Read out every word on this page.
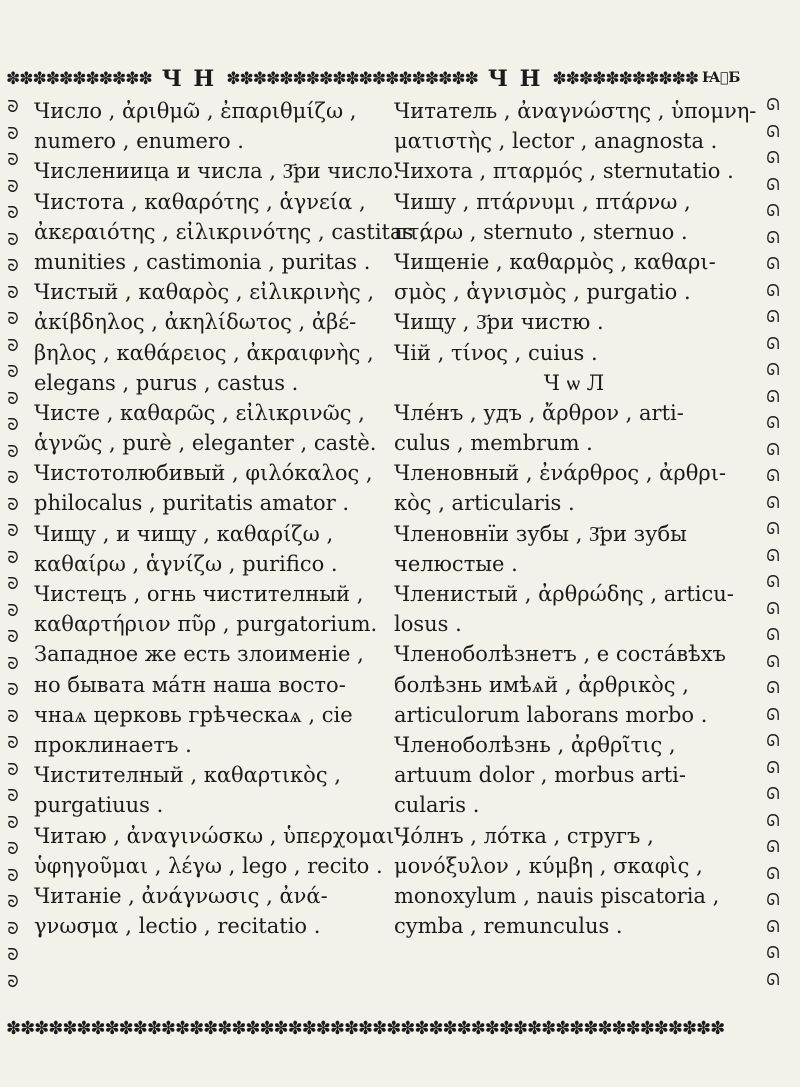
✽✽✽✽✽✽✽✽✽✽✽ Ч Н ✽✽✽✽✽✽✽✽✽✽✽✽✽✽✽✽✽✽✽ Ч Н ✽✽✽✽✽✽✽✽✽✽✽ Ꙗ҃Б
ᘐ
ᘐ
ᘐ
ᘐ
ᘐ
ᘐ
ᘐ
ᘐ
ᘐ
ᘐ
ᘐ
ᘐ
ᘐ
ᘐ
ᘐ
ᘐ
ᘐ
ᘐ
ᘐ
ᘐ
ᘐ
ᘐ
ᘐ
ᘐ
ᘐ
ᘐ
ᘐ
ᘐ
ᘐ
ᘐ
ᘐ
ᘐ
ᘐ
ᘐ
ᘏ
ᘏ
ᘏ
ᘏ
ᘏ
ᘏ
ᘏ
ᘏ
ᘏ
ᘏ
ᘏ
ᘏ
ᘏ
ᘏ
ᘏ
ᘏ
ᘏ
ᘏ
ᘏ
ᘏ
ᘏ
ᘏ
ᘏ
ᘏ
ᘏ
ᘏ
ᘏ
ᘏ
ᘏ
ᘏ
ᘏ
ᘏ
ᘏ
ᘏ
Число , ἀριθμῶ , ἐπαριθμίζω ,
numero , enumero .
Числениица и числа , З҃ри число.
Чистота , καθαρότης , ἁγνεία ,
ἀκεραιότης , εἰλικρινότης , castitas ,
munities , castimonia , puritas .
Чистый , καθαρὸς , εἰλικρινὴς ,
ἀκίβδηλος , ἀκηλίδωτος , ἀβέ-
βηλος , καθάρειος , ἀκραιφνὴς ,
elegans , purus , castus .
Чисте , καθαρῶς , εἰλικρινῶς ,
ἁγνῶς , purè , eleganter , castè.
Чистотолюбивый , φιλόκαλος ,
philocalus , puritatis amator .
Чищу , и чищу , καθαρίζω ,
καθαίρω , ἁγνίζω , purifico .
Чистецъ , огнь чистителный ,
καθαρτήριον πῦρ , purgatorium.
Западное же есть злоименіе ,
но бывата мáтн наша восто-
чнаѧ церковь грѣческаѧ , сіе
проклинаетъ .
Чистителный , καθαρτικὸς ,
purgatiuus .
Читаю , ἀναγινώσκω , ὑπερχομαι ,
ὑφηγοῦμαι , λέγω , lego , recito .
Читаніе , ἀνάγνωσις , ἀνά-
γνωσμα , lectio , recitatio .
Читатель , ἀναγνώστης , ὑπομνη-
ματιστὴς , lector , anagnosta .
Чихота , πταρμός , sternutatio .
Чишу , πτάρνυμι , πτάρνω ,
πτάρω , sternuto , sternuo .
Чищеніе , καθαρμὸς , καθαρι-
σμὸς , ἁγνισμὸς , purgatio .
Чищу , З҃ри чистю .
Чій , τίνος , cuius .
Ч ѡ Л
Члéнъ , удъ , ἄρθρον , arti-
culus , membrum .
Членовный , ἐνάρθρος , ἀρθρι-
κὸς , articularis .
Членовнїи зубы , З҃ри зубы
челюстые .
Членистый , ἀρθρώδης , articu-
losus .
Членоболѣзнетъ , е состáвѣхъ
болѣзнь имѣѧй , ἀρθρικὸς ,
articulorum laborans morbo .
Членоболѣзнь , ἀρθρῖτις ,
artuum dolor , morbus arti-
cularis .
Чóлнъ , лóтка , стругъ ,
μονόξυλον , κύμβη , σκαφὶς ,
monoxylum , nauis piscatoria ,
cymba , remunculus .
✽✽✽✽✽✽✽✽✽✽✽✽✽✽✽✽✽✽✽✽✽✽✽✽✽✽✽✽✽✽✽✽✽✽✽✽✽✽✽✽✽✽✽✽✽✽✽✽✽✽✽
